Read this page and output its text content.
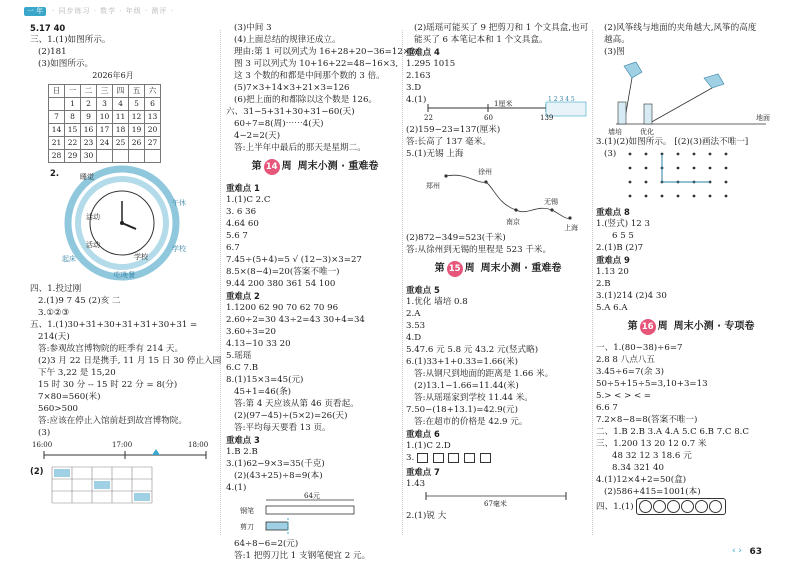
一 年	· 同步练习 · 数学 · 年级 · 测评 ·
5.17 40
三、1.(1)如图所示。
(2)181
(3)如图所示。
2026年6月
日	一	二	三	四	五	六
	1	2	3	4	5	6
7	8	9	10	11	12	13
14	15	16	17	18	19	20
21	22	23	24	25	26	27
28	29	30				
2.	睡觉
活动
午休
活动	学校
起床
吃晚餐
学校
四、1.投过刚
2.(1)9 7 45 (2)亥 二
3.①②③
五、1.(1)30+31+30+31+31+30+31 =
214(天)
答:参观故宫博物院的旺季有 214 天。
(2)3 月 22 日是携手, 11 月 15 日 30 停止入园
下午 3,22 是 15,20
15 时 30 分 -- 15 时 22 分 = 8(分)
7×80=560(米)
560>500
答:应该在停止入馆前赶到故宫博物院。
(3)
16:00	17:00	18:00
(2)
(3)中间 3
(4)上面总结的规律还成立。
理由:第 1 可以列式为 16+28+20−36=12×3
图 3 可以列式为 10+16+22=48−16×3,
这 3 个数的和都是中间那个数的 3 倍。
(5)7×3+14×3+21×3=126
(6)把上面的和都除以这个数是 126。
六、31−5+31+30+31−60(天)
60÷7=8(周)⋯⋯4(天)
4−2=2(天)
答:上半年中最后的那天是星期二。
第 14 周 周末小测 · 重难卷
重难点 1
1.(1)C 2.C
3. 6 36
4.64 60
5.6 7
6.7
7.45÷(5+4)=5 √ (12−3)×3=27
8.5×(8−4)=20(答案不唯一)
9.44 200 380 361 54 100
重难点 2
1.1200 62 90 70 62 70 96
2.60÷2=30 43÷2=43 30+4=34
3.60÷3=20
4.13−10 33 20
5.瑶瑶
6.C 7.B
8.(1)15×3=45(元)
45+1=46(条)
答:第 4 天应该从第 46 页看起。
(2)(97−45)÷(5×2)=26(天)
答:平均每天要看 13 页。
重难点 3
1.B 2.B
3.(1)62−9×3=35(千克)
(2)(43+25)÷8=9(本)
4.(1)
64元
钢笔
剪刀
64÷8−6=2(元)
答:1 把剪刀比 1 支钢笔便宜 2 元。
(2)瑶瑶可能买了 9 把剪刀和 1 个文具盒,也可
能买了 6 本笔记本和 1 个文具盒。
重难点 4
1.295 1015
2.163
3.D
4.(1)
22	60	139
1厘米
1 2 3 4 5
(2)159−23=137(厘米)
答:长高了 137 毫米。
5.(1)无锡 上海
郑州
徐州
南京
无锡
上海
(2)872−349=523(千米)
答:从徐州到无锡的里程是 523 千米。
第 15 周 周末小测 · 重难卷
重难点 5
1.优化 墙培 0.8
2.A
3.53
4.D
5.47.6 元 5.8 元 43.2 元(竖式略)
6.(1)33+1+0.33=1.66(米)
答:从钢尺到地面的距离是 1.66 米。
(2)13.1−1.66=11.44(米)
答:从瑶瑶家到学校 11.44 米。
7.50−(18+13.1)=42.9(元)
答:在超市的价格是 42.9 元。
重难点 6
1.(1)C 2.D
3.
重难点 7
1.43
67毫米
2.(1)锐 大
(2)风筝线与地面的夹角越大,风筝的高度
越高。
(3)图
墙培	优化
地面
3.(1)(2)如图所示。 [(2)(3)画法不唯一]
(3)
重难点 8
1.(竖式) 12 3
6 5 5
2.(1)B (2)7
重难点 9
1.13 20
2.B
3.(1)214 (2)4 30
5.A 6.A
第 16 周 周末小测 · 专项卷
一、1.(80−38)÷6=7
2.8 8 八点八五
3.45÷6=7(余 3)
50÷5+15÷5=3,10+3=13
5.> < > < =
6.6 7
7.2×8−8=8(答案不唯一)
二、1.B 2.B 3.A 4.A 5.C 6.B 7.C 8.C
三、1.200 13 20 12 0.7 米
48 32 12 3 18.6 元
8.34 321 40
4.(1)12×4+2=50(盒)
(2)586+415=1001(本)
四、1.(1)
‹ › 63
